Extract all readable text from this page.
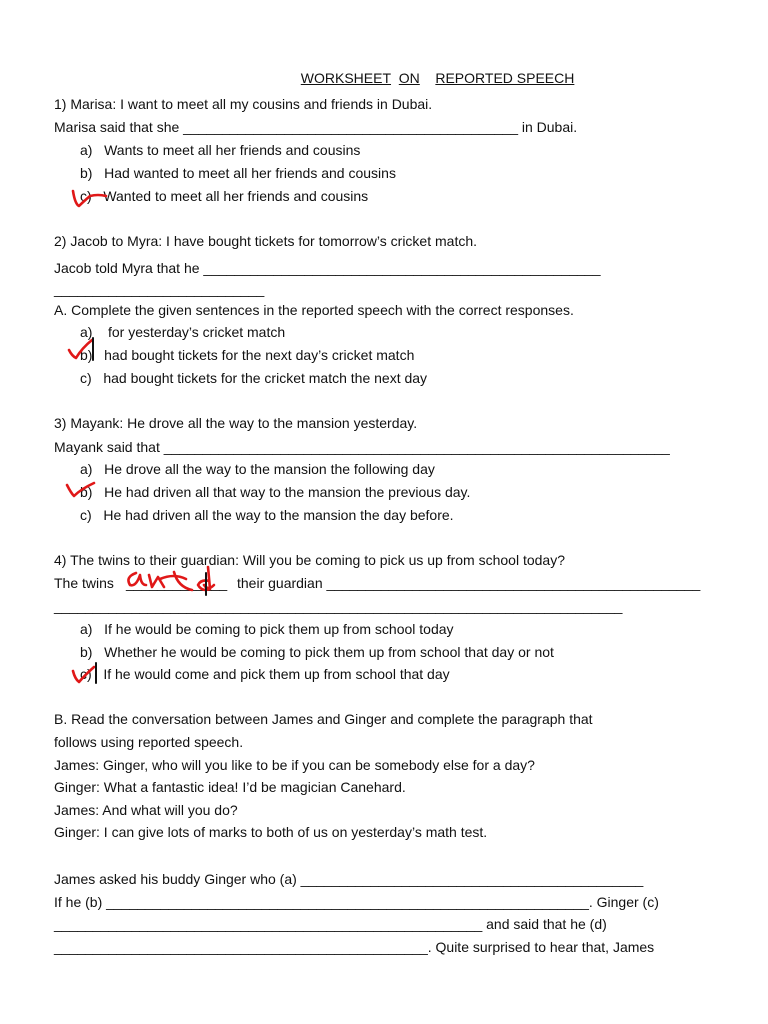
WORKSHEET ON REPORTED SPEECH

1) Marisa: I want to meet all my cousins and friends in Dubai.
Marisa said that she ___________________________________________ in Dubai.
a)   Wants to meet all her friends and cousins
b)   Had wanted to meet all her friends and cousins
c)   Wanted to meet all her friends and cousins
2) Jacob to Myra: I have bought tickets for tomorrow’s cricket match.
Jacob told Myra that he ___________________________________________________
___________________________
A. Complete the given sentences in the reported speech with the correct responses.
a)    for yesterday’s cricket match
b)   had bought tickets for the next day’s cricket match
c)   had bought tickets for the cricket match the next day
3) Mayank: He drove all the way to the mansion yesterday.
Mayank said that _________________________________________________________________
a)   He drove all the way to the mansion the following day
b)   He had driven all that way to the mansion the previous day.
c)   He had driven all the way to the mansion the day before.
4) The twins to their guardian: Will you be coming to pick us up from school today?
The twins _____________ their guardian ________________________________________________
_________________________________________________________________________
a)   If he would be coming to pick them up from school today
b)   Whether he would be coming to pick them up from school that day or not
c)   If he would come and pick them up from school that day
B. Read the conversation between James and Ginger and complete the paragraph that
follows using reported speech.
James: Ginger, who will you like to be if you can be somebody else for a day?
Ginger: What a fantastic idea! I’d be magician Canehard.
James: And what will you do?
Ginger: I can give lots of marks to both of us on yesterday’s math test.
James asked his buddy Ginger who (a) ____________________________________________
If he (b) ______________________________________________________________. Ginger (c)
_______________________________________________________ and said that he (d)
________________________________________________. Quite surprised to hear that, James
